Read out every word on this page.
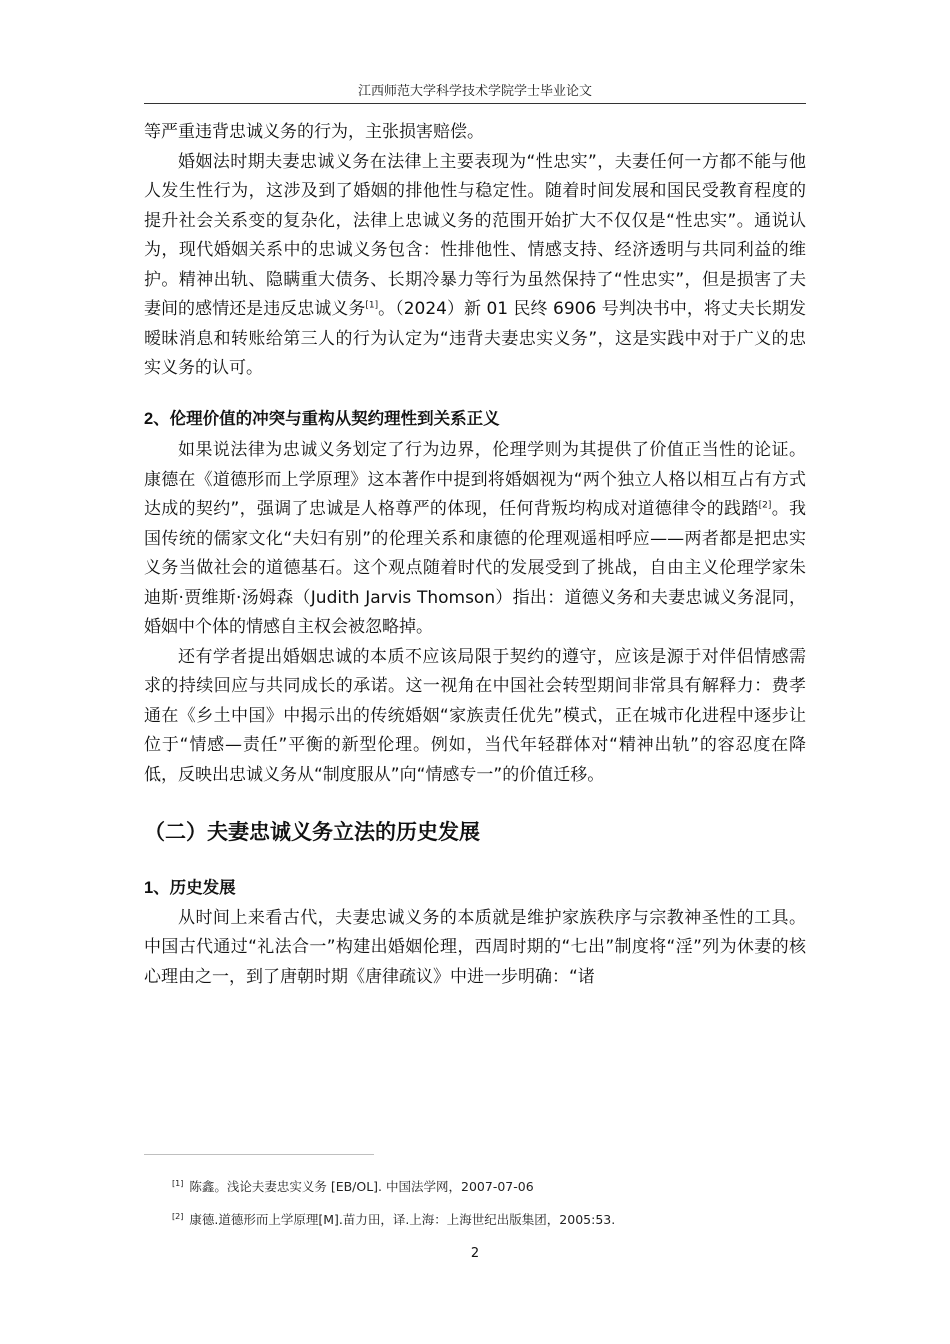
江西师范大学科学技术学院学士毕业论文

等严重违背忠诚义务的行为，主张损害赔偿。

婚姻法时期夫妻忠诚义务在法律上主要表现为“性忠实”，夫妻任何一方都不能与他人发生性行为，这涉及到了婚姻的排他性与稳定性。随着时间发展和国民受教育程度的提升社会关系变的复杂化，法律上忠诚义务的范围开始扩大不仅仅是“性忠实”。通说认为，现代婚姻关系中的忠诚义务包含：性排他性、情感支持、经济透明与共同利益的维护。精神出轨、隐瞒重大债务、长期冷暴力等行为虽然保持了“性忠实”，但是损害了夫妻间的感情还是违反忠诚义务[1]。（2024）新 01 民终 6906 号判决书中，将丈夫长期发暧昧消息和转账给第三人的行为认定为“违背夫妻忠实义务”，这是实践中对于广义的忠实义务的认可。

2、伦理价值的冲突与重构从契约理性到关系正义

如果说法律为忠诚义务划定了行为边界，伦理学则为其提供了价值正当性的论证。康德在《道德形而上学原理》这本著作中提到将婚姻视为“两个独立人格以相互占有方式达成的契约”，强调了忠诚是人格尊严的体现，任何背叛均构成对道德律令的践踏[2]。我国传统的儒家文化“夫妇有别”的伦理关系和康德的伦理观遥相呼应——两者都是把忠实义务当做社会的道德基石。这个观点随着时代的发展受到了挑战，自由主义伦理学家朱迪斯·贾维斯·汤姆森（Judith Jarvis Thomson）指出：道德义务和夫妻忠诚义务混同，婚姻中个体的情感自主权会被忽略掉。

还有学者提出婚姻忠诚的本质不应该局限于契约的遵守，应该是源于对伴侣情感需求的持续回应与共同成长的承诺。这一视角在中国社会转型期间非常具有解释力：费孝通在《乡土中国》中揭示出的传统婚姻“家族责任优先”模式，正在城市化进程中逐步让位于“情感—责任”平衡的新型伦理。例如，当代年轻群体对“精神出轨”的容忍度在降低，反映出忠诚义务从“制度服从”向“情感专一”的价值迁移。

（二）夫妻忠诚义务立法的历史发展
1、历史发展

从时间上来看古代，夫妻忠诚义务的本质就是维护家族秩序与宗教神圣性的工具。中国古代通过“礼法合一”构建出婚姻伦理，西周时期的“七出”制度将“淫”列为休妻的核心理由之一，到了唐朝时期《唐律疏议》中进一步明确：“诸

[1] 陈鑫。浅论夫妻忠实义务 [EB/OL]. 中国法学网，2007-07-06
[2] 康德.道德形而上学原理[M].苗力田，译.上海：上海世纪出版集团，2005:53.
2
